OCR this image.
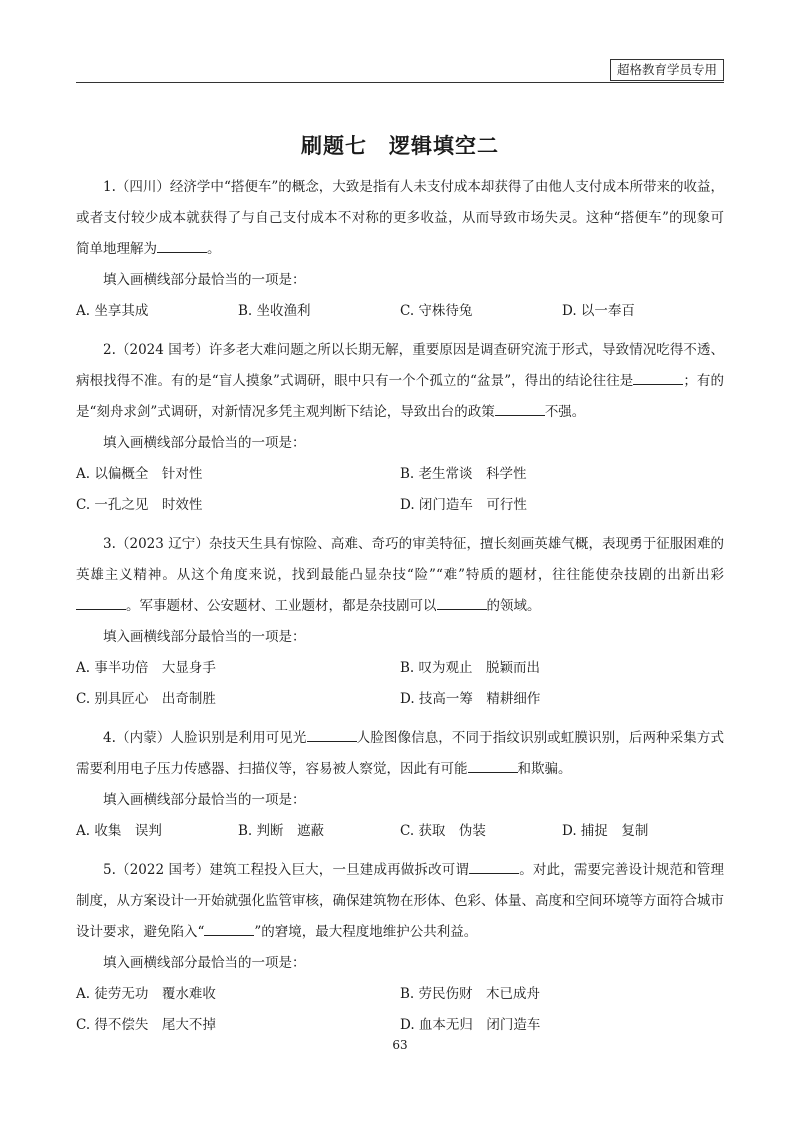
超格教育学员专用
刷题七　逻辑填空二

1.（四川）经济学中“搭便车”的概念，大致是指有人未支付成本却获得了由他人支付成本所带来的收益，或者支付较少成本就获得了与自己支付成本不对称的更多收益，从而导致市场失灵。这种“搭便车”的现象可简单地理解为	。

填入画横线部分最恰当的一项是：

A. 坐享其成	B. 坐收渔利	C. 守株待兔	D. 以一奉百

2.（2024 国考）许多老大难问题之所以长期无解，重要原因是调查研究流于形式，导致情况吃得不透、病根找得不准。有的是“盲人摸象”式调研，眼中只有一个个孤立的“盆景”，得出的结论往往是	；有的是“刻舟求剑”式调研，对新情况多凭主观判断下结论，导致出台的政策	不强。

填入画横线部分最恰当的一项是：

A. 以偏概全　针对性	B. 老生常谈　科学性
C. 一孔之见　时效性	D. 闭门造车　可行性

3.（2023 辽宁）杂技天生具有惊险、高难、奇巧的审美特征，擅长刻画英雄气概，表现勇于征服困难的英雄主义精神。从这个角度来说，找到最能凸显杂技“险”“难”特质的题材，往往能使杂技剧的出新出彩。军事题材、公安题材、工业题材，都是杂技剧可以	的领域。

填入画横线部分最恰当的一项是：

A. 事半功倍　大显身手	B. 叹为观止　脱颖而出
C. 别具匠心　出奇制胜	D. 技高一筹　精耕细作

4.（内蒙）人脸识别是利用可见光	人脸图像信息，不同于指纹识别或虹膜识别，后两种采集方式需要利用电子压力传感器、扫描仪等，容易被人察觉，因此有可能	和欺骗。

填入画横线部分最恰当的一项是：

A. 收集　误判	B. 判断　遮蔽	C. 获取　伪装	D. 捕捉　复制

5.（2022 国考）建筑工程投入巨大，一旦建成再做拆改可谓	。对此，需要完善设计规范和管理制度，从方案设计一开始就强化监管审核，确保建筑物在形体、色彩、体量、高度和空间环境等方面符合城市设计要求，避免陷入“	”的窘境，最大程度地维护公共利益。

填入画横线部分最恰当的一项是：

A. 徒劳无功　覆水难收	B. 劳民伤财　木已成舟
C. 得不偿失　尾大不掉	D. 血本无归　闭门造车
63
